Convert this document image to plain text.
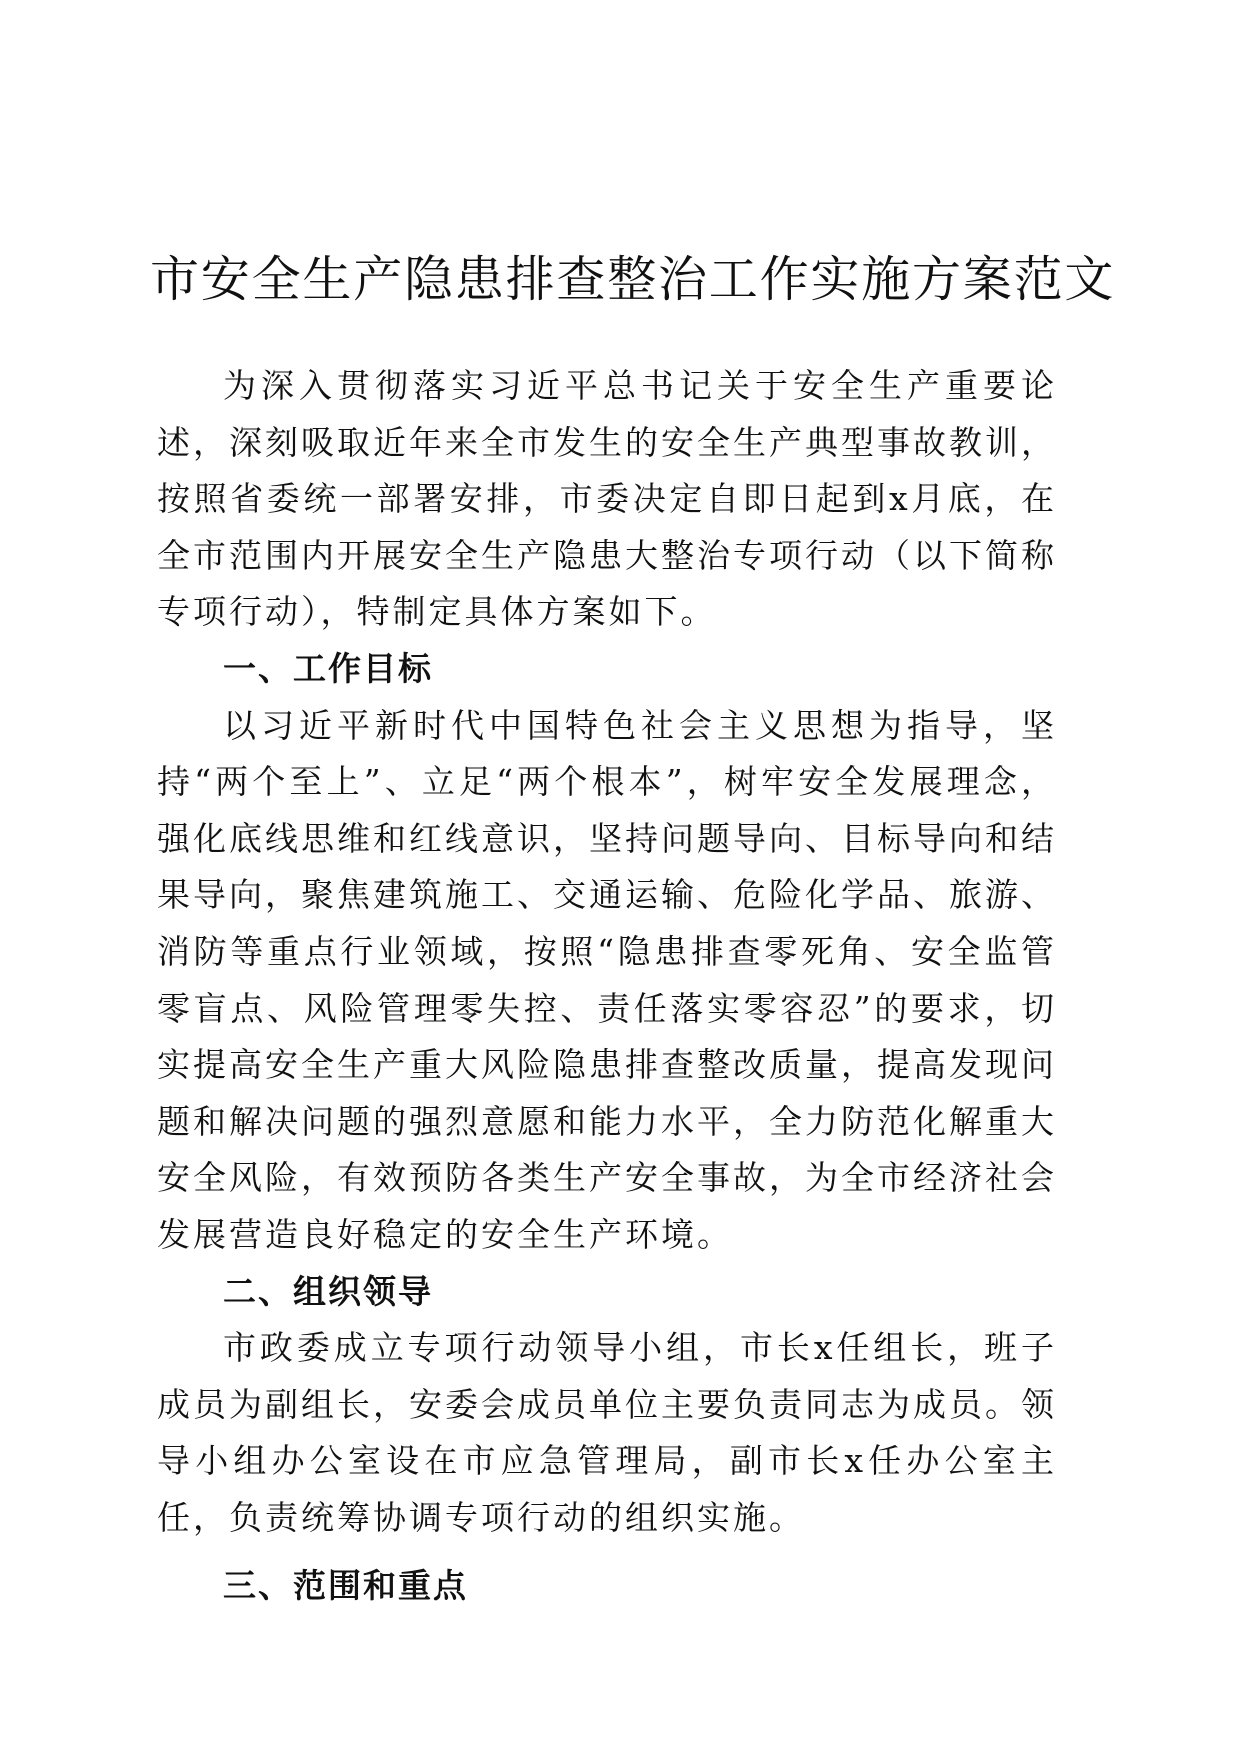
市安全生产隐患排查整治工作实施方案范文

为深入贯彻落实习近平总书记关于安全生产重要论述，深刻吸取近年来全市发生的安全生产典型事故教训，按照省委统一部署安排，市委决定自即日起到x月底，在全市范围内开展安全生产隐患大整治专项行动（以下简称专项行动），特制定具体方案如下。

一、工作目标

以习近平新时代中国特色社会主义思想为指导，坚持“两个至上”、立足“两个根本”，树牢安全发展理念，强化底线思维和红线意识，坚持问题导向、目标导向和结果导向，聚焦建筑施工、交通运输、危险化学品、旅游、消防等重点行业领域，按照“隐患排查零死角、安全监管零盲点、风险管理零失控、责任落实零容忍”的要求，切实提高安全生产重大风险隐患排查整改质量，提高发现问题和解决问题的强烈意愿和能力水平，全力防范化解重大安全风险，有效预防各类生产安全事故，为全市经济社会发展营造良好稳定的安全生产环境。

二、组织领导

市政委成立专项行动领导小组，市长x任组长，班子成员为副组长，安委会成员单位主要负责同志为成员。领导小组办公室设在市应急管理局，副市长x任办公室主任，负责统筹协调专项行动的组织实施。

三、范围和重点
